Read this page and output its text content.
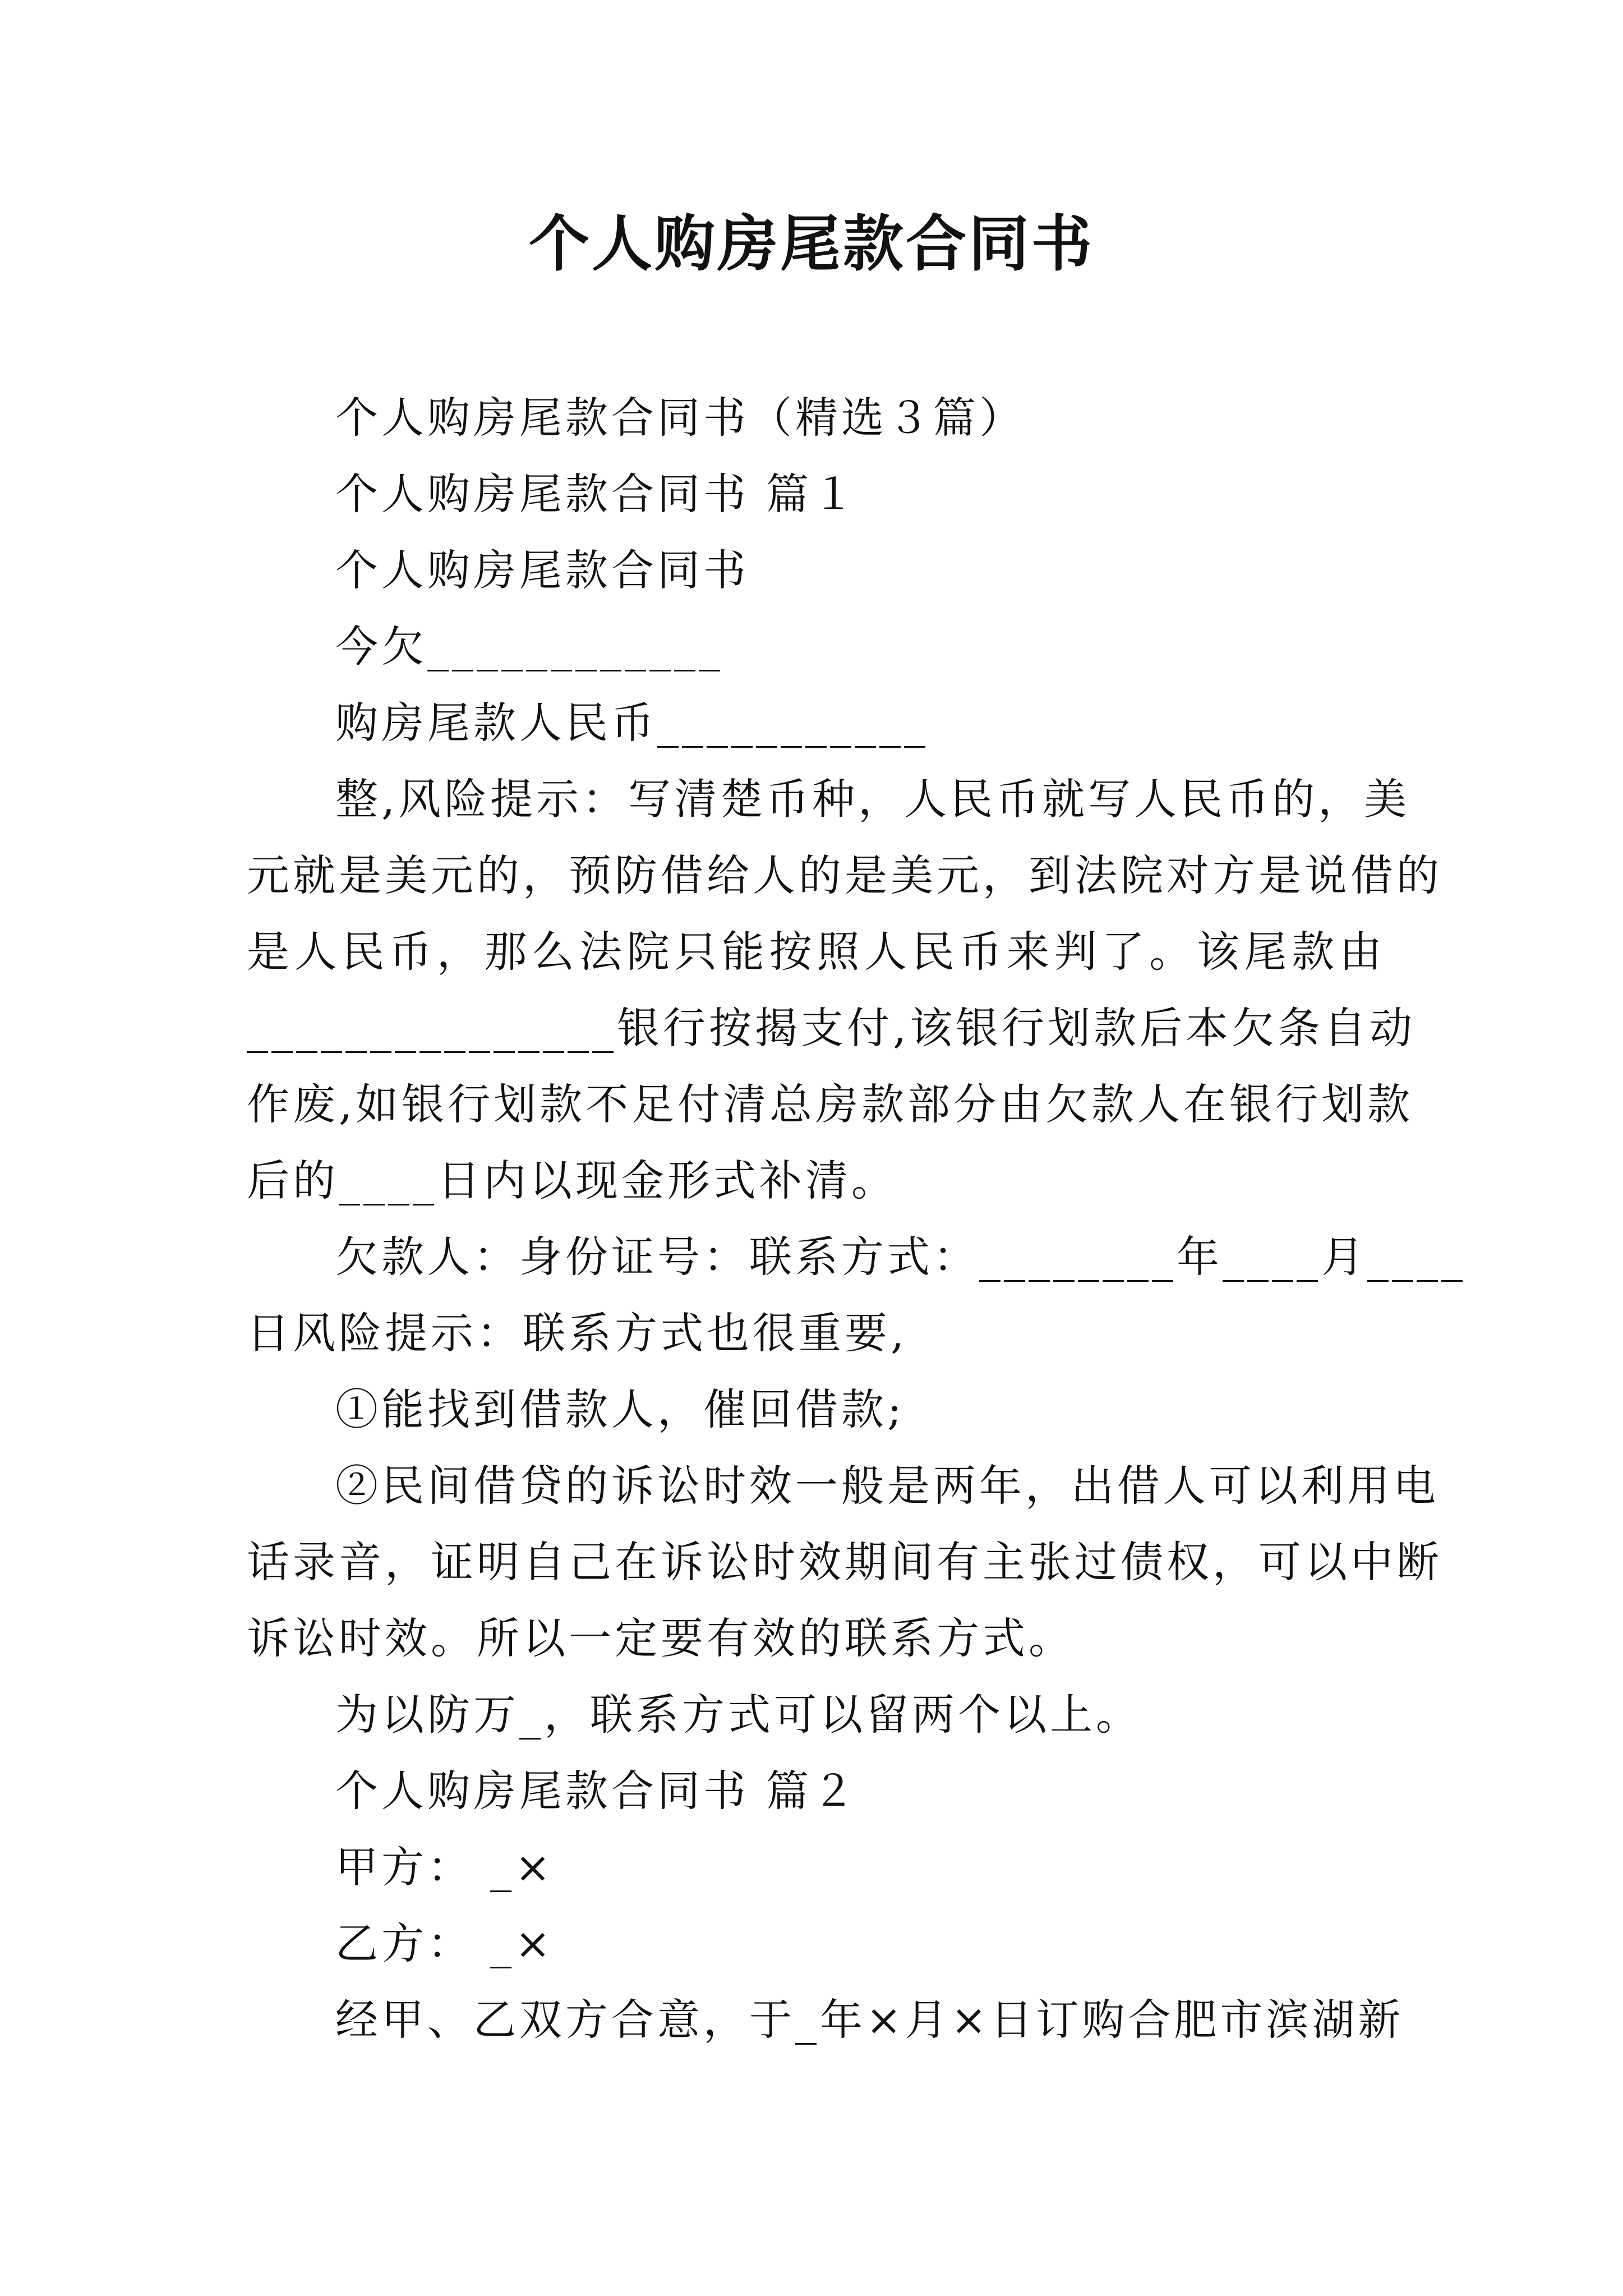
个人购房尾款合同书
个人购房尾款合同书（精选３篇）
个人购房尾款合同书 篇１
个人购房尾款合同书
今欠____________
购房尾款人民币___________
整,风险提示：写清楚币种，人民币就写人民币的，美
元就是美元的，预防借给人的是美元，到法院对方是说借的
是人民币，那么法院只能按照人民币来判了。该尾款由
_______________银行按揭支付,该银行划款后本欠条自动
作废,如银行划款不足付清总房款部分由欠款人在银行划款
后的____日内以现金形式补清。
欠款人：身份证号：联系方式：________年____月____
日风险提示：联系方式也很重要,
①能找到借款人，催回借款;
②民间借贷的诉讼时效一般是两年，出借人可以利用电
话录音，证明自己在诉讼时效期间有主张过债权，可以中断
诉讼时效。所以一定要有效的联系方式。
为以防万_，联系方式可以留两个以上。
个人购房尾款合同书 篇２
甲方： _×
乙方： _×
经甲、乙双方合意，于_年×月×日订购合肥市滨湖新
